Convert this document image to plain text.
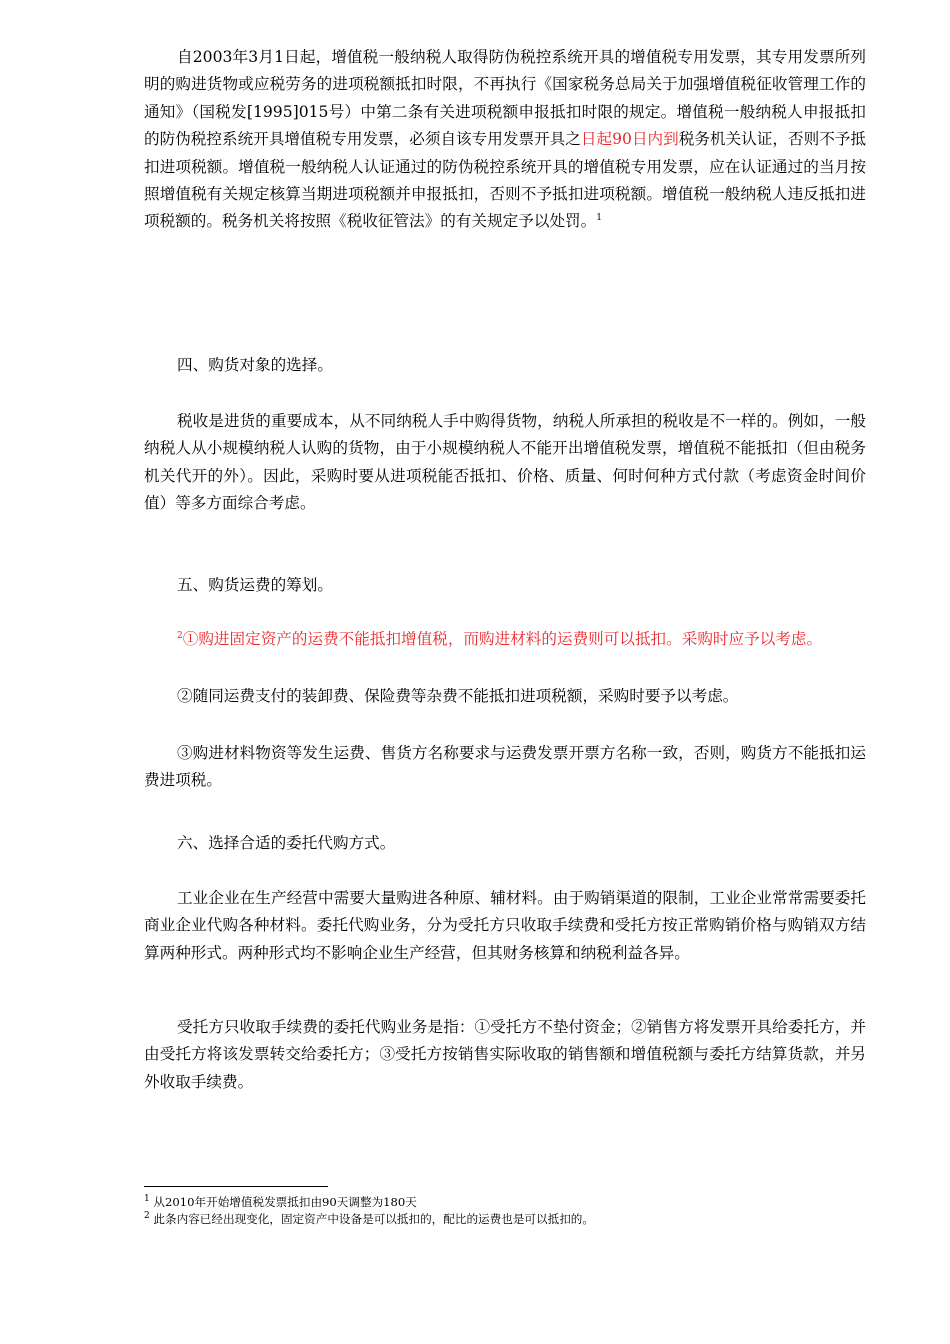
自2003年3月1日起，增值税一般纳税人取得防伪税控系统开具的增值税专用发票，其专用发票所列明的购进货物或应税劳务的进项税额抵扣时限，不再执行《国家税务总局关于加强增值税征收管理工作的通知》（国税发[1995]015号）中第二条有关进项税额申报抵扣时限的规定。增值税一般纳税人申报抵扣的防伪税控系统开具增值税专用发票，必须自该专用发票开具之日起90日内到税务机关认证，否则不予抵扣进项税额。增值税一般纳税人认证通过的防伪税控系统开具的增值税专用发票，应在认证通过的当月按照增值税有关规定核算当期进项税额并申报抵扣，否则不予抵扣进项税额。增值税一般纳税人违反抵扣进项税额的。税务机关将按照《税收征管法》的有关规定予以处罚。$^1$

四、购货对象的选择。

税收是进货的重要成本，从不同纳税人手中购得货物，纳税人所承担的税收是不一样的。例如，一般纳税人从小规模纳税人认购的货物，由于小规模纳税人不能开出增值税发票，增值税不能抵扣（但由税务机关代开的外）。因此，采购时要从进项税能否抵扣、价格、质量、何时何种方式付款（考虑资金时间价值）等多方面综合考虑。

五、购货运费的筹划。

$^2$①购进固定资产的运费不能抵扣增值税，而购进材料的运费则可以抵扣。采购时应予以考虑。

②随同运费支付的装卸费、保险费等杂费不能抵扣进项税额，采购时要予以考虑。

③购进材料物资等发生运费、售货方名称要求与运费发票开票方名称一致，否则，购货方不能抵扣运费进项税。

六、选择合适的委托代购方式。

工业企业在生产经营中需要大量购进各种原、辅材料。由于购销渠道的限制，工业企业常常需要委托商业企业代购各种材料。委托代购业务，分为受托方只收取手续费和受托方按正常购销价格与购销双方结算两种形式。两种形式均不影响企业生产经营，但其财务核算和纳税利益各异。

受托方只收取手续费的委托代购业务是指：①受托方不垫付资金；②销售方将发票开具给委托方，并由受托方将该发票转交给委托方；③受托方按销售实际收取的销售额和增值税额与委托方结算货款，并另外收取手续费。

$^1$ 从2010年开始增值税发票抵扣由90天调整为180天

$^2$ 此条内容已经出现变化，固定资产中设备是可以抵扣的，配比的运费也是可以抵扣的。
